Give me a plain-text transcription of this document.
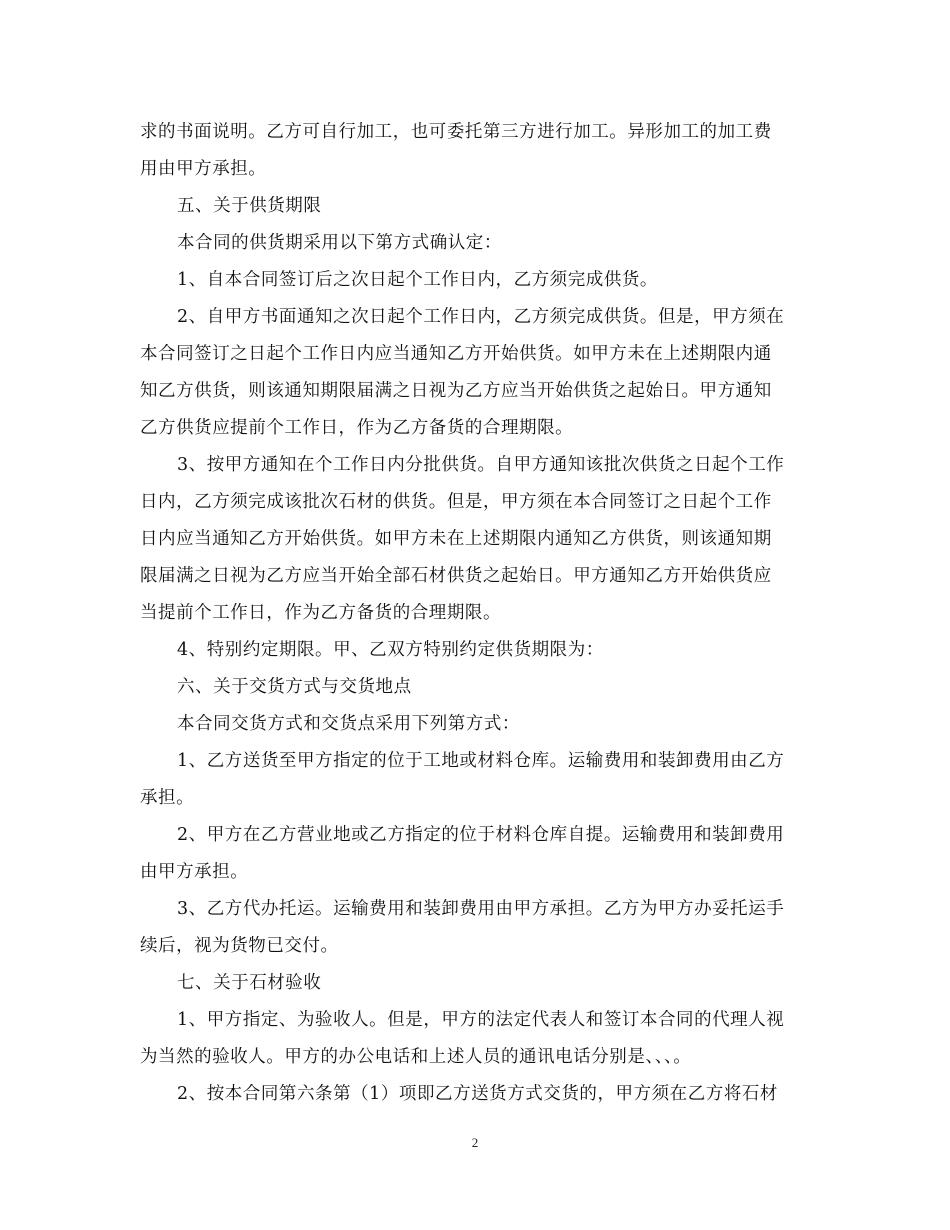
求的书面说明。乙方可自行加工，也可委托第三方进行加工。异形加工的加工费
用由甲方承担。
五、关于供货期限
本合同的供货期采用以下第方式确认定：
1、自本合同签订后之次日起个工作日内，乙方须完成供货。
2、自甲方书面通知之次日起个工作日内，乙方须完成供货。但是，甲方须在
本合同签订之日起个工作日内应当通知乙方开始供货。如甲方未在上述期限内通
知乙方供货，则该通知期限届满之日视为乙方应当开始供货之起始日。甲方通知
乙方供货应提前个工作日，作为乙方备货的合理期限。
3、按甲方通知在个工作日内分批供货。自甲方通知该批次供货之日起个工作
日内，乙方须完成该批次石材的供货。但是，甲方须在本合同签订之日起个工作
日内应当通知乙方开始供货。如甲方未在上述期限内通知乙方供货，则该通知期
限届满之日视为乙方应当开始全部石材供货之起始日。甲方通知乙方开始供货应
当提前个工作日，作为乙方备货的合理期限。
4、特别约定期限。甲、乙双方特别约定供货期限为：
六、关于交货方式与交货地点
本合同交货方式和交货点采用下列第方式：
1、乙方送货至甲方指定的位于工地或材料仓库。运输费用和装卸费用由乙方
承担。
2、甲方在乙方营业地或乙方指定的位于材料仓库自提。运输费用和装卸费用
由甲方承担。
3、乙方代办托运。运输费用和装卸费用由甲方承担。乙方为甲方办妥托运手
续后，视为货物已交付。
七、关于石材验收
1、甲方指定、为验收人。但是，甲方的法定代表人和签订本合同的代理人视
为当然的验收人。甲方的办公电话和上述人员的通讯电话分别是、、、。
2、按本合同第六条第（1）项即乙方送货方式交货的，甲方须在乙方将石材
2
